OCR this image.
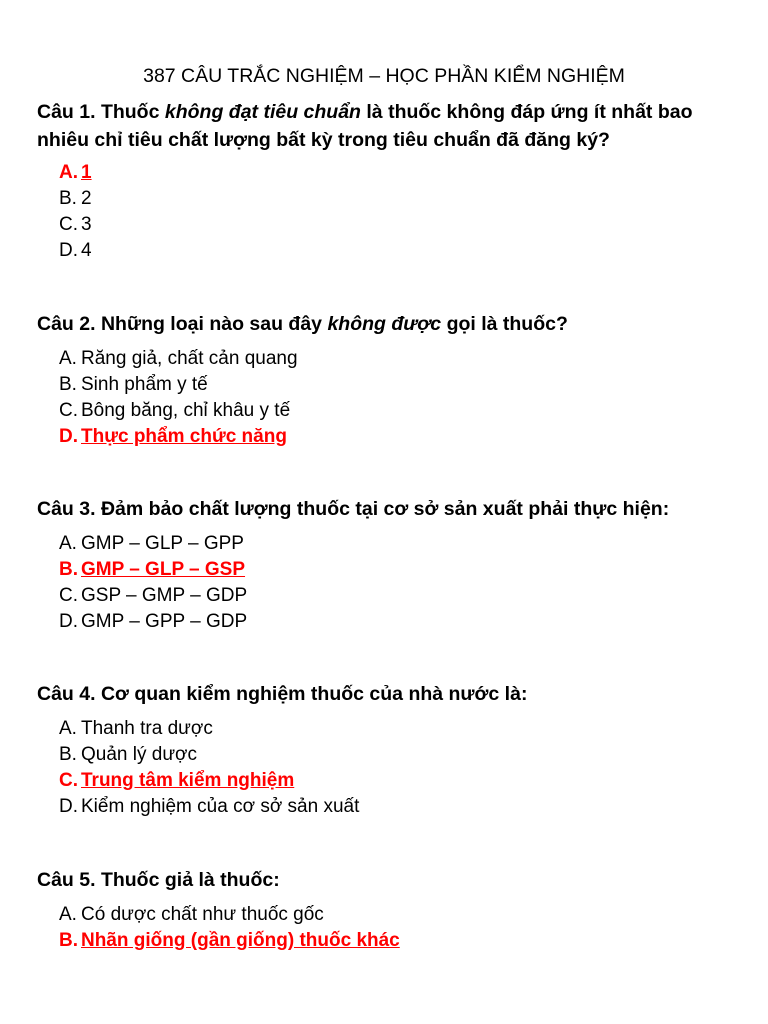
387 CÂU TRẮC NGHIỆM – HỌC PHẦN KIỂM NGHIỆM

Câu 1. Thuốc không đạt tiêu chuẩn là thuốc không đáp ứng ít nhất bao nhiêu chỉ tiêu chất lượng bất kỳ trong tiêu chuẩn đã đăng ký?

A. 1
B. 2
C. 3
D. 4

Câu 2. Những loại nào sau đây không được gọi là thuốc?

A. Răng giả, chất cản quang
B. Sinh phẩm y tế
C. Bông băng, chỉ khâu y tế
D. Thực phẩm chức năng

Câu 3. Đảm bảo chất lượng thuốc tại cơ sở sản xuất phải thực hiện:

A. GMP – GLP – GPP
B. GMP – GLP – GSP
C. GSP – GMP – GDP
D. GMP – GPP – GDP

Câu 4. Cơ quan kiểm nghiệm thuốc của nhà nước là:

A. Thanh tra dược
B. Quản lý dược
C. Trung tâm kiểm nghiệm
D. Kiểm nghiệm của cơ sở sản xuất

Câu 5. Thuốc giả là thuốc:

A. Có dược chất như thuốc gốc
B. Nhãn giống (gần giống) thuốc khác
